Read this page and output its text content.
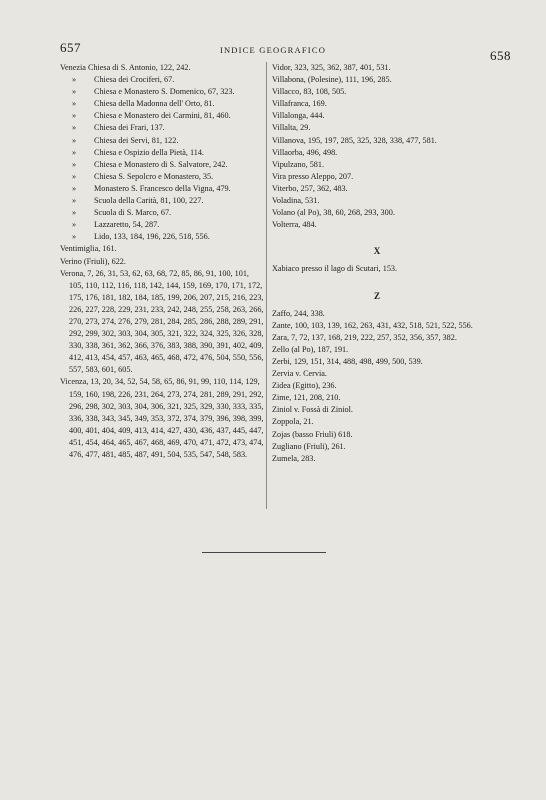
657	INDICE GEOGRAFICO	658

Venezia Chiesa di S. Antonio, 122, 242.

» Chiesa dei Crociferi, 67.
» Chiesa e Monastero S. Domenico, 67, 323.
» Chiesa della Madonna dell' Orto, 81.
» Chiesa e Monastero dei Carmini, 81, 460.
» Chiesa dei Frari, 137.
» Chiesa dei Servi, 81, 122.
» Chiesa e Ospizio della Pietà, 114.
» Chiesa e Monastero di S. Salvatore, 242.
» Chiesa S. Sepolcro e Monastero, 35.
» Monastero S. Francesco della Vigna, 479.
» Scuola della Carità, 81, 100, 227.
» Scuola di S. Marco, 67.
» Lazzaretto, 54, 287.
» Lido, 133, 184, 196, 226, 518, 556.

Ventimiglia, 161.

Verino (Friuli), 622.

Verona, 7, 26, 31, 53, 62, 63, 68, 72, 85, 86, 91, 100, 101, 105, 110, 112, 116, 118, 142, 144, 159, 169, 170, 171, 172, 175, 176, 181, 182, 184, 185, 199, 206, 207, 215, 216, 223, 226, 227, 228, 229, 231, 233, 242, 248, 255, 258, 263, 266, 270, 273, 274, 276, 279, 281, 284, 285, 286, 288, 289, 291, 292, 299, 302, 303, 304, 305, 321, 322, 324, 325, 326, 328, 330, 338, 361, 362, 366, 376, 383, 388, 390, 391, 402, 409, 412, 413, 454, 457, 463, 465, 468, 472, 476, 504, 550, 556, 557, 583, 601, 605.

Vicenza, 13, 20, 34, 52, 54, 58, 65, 86, 91, 99, 110, 114, 129, 159, 160, 198, 226, 231, 264, 273, 274, 281, 289, 291, 292, 296, 298, 302, 303, 304, 306, 321, 325, 329, 330, 333, 335, 336, 338, 343, 345, 349, 353, 372, 374, 379, 396, 398, 399, 400, 401, 404, 409, 413, 414, 427, 430, 436, 437, 445, 447, 451, 454, 464, 465, 467, 468, 469, 470, 471, 472, 473, 474, 476, 477, 481, 485, 487, 491, 504, 535, 547, 548, 583.

Vidor, 323, 325, 362, 387, 401, 531.

Villabona, (Polesine), 111, 196, 285.

Villacco, 83, 108, 505.

Villafranca, 169.

Villalonga, 444.

Villalta, 29.

Villanova, 195, 197, 285, 325, 328, 338, 477, 581.

Villaorba, 496, 498.

Vipulzano, 581.

Vira presso Aleppo, 207.

Viterbo, 257, 362, 483.

Voladina, 531.

Volano (al Po), 38, 60, 268, 293, 300.

Volterra, 484.

X

Xabiaco presso il lago di Scutari, 153.

Z

Zaffo, 244, 338.

Zante, 100, 103, 139, 162, 263, 431, 432, 518, 521, 522, 556.

Zara, 7, 72, 137, 168, 219, 222, 257, 352, 356, 357, 382.

Zello (al Po), 187, 191.

Zerbi, 129, 151, 314, 488, 498, 499, 500, 539.

Zervia v. Cervia.

Zidea (Egitto), 236.

Zime, 121, 208, 210.

Ziniol v. Fossà di Ziniol.

Zoppola, 21.

Zojas (basso Friuli) 618.

Zugliano (Friuli), 261.

Zumela, 283.
